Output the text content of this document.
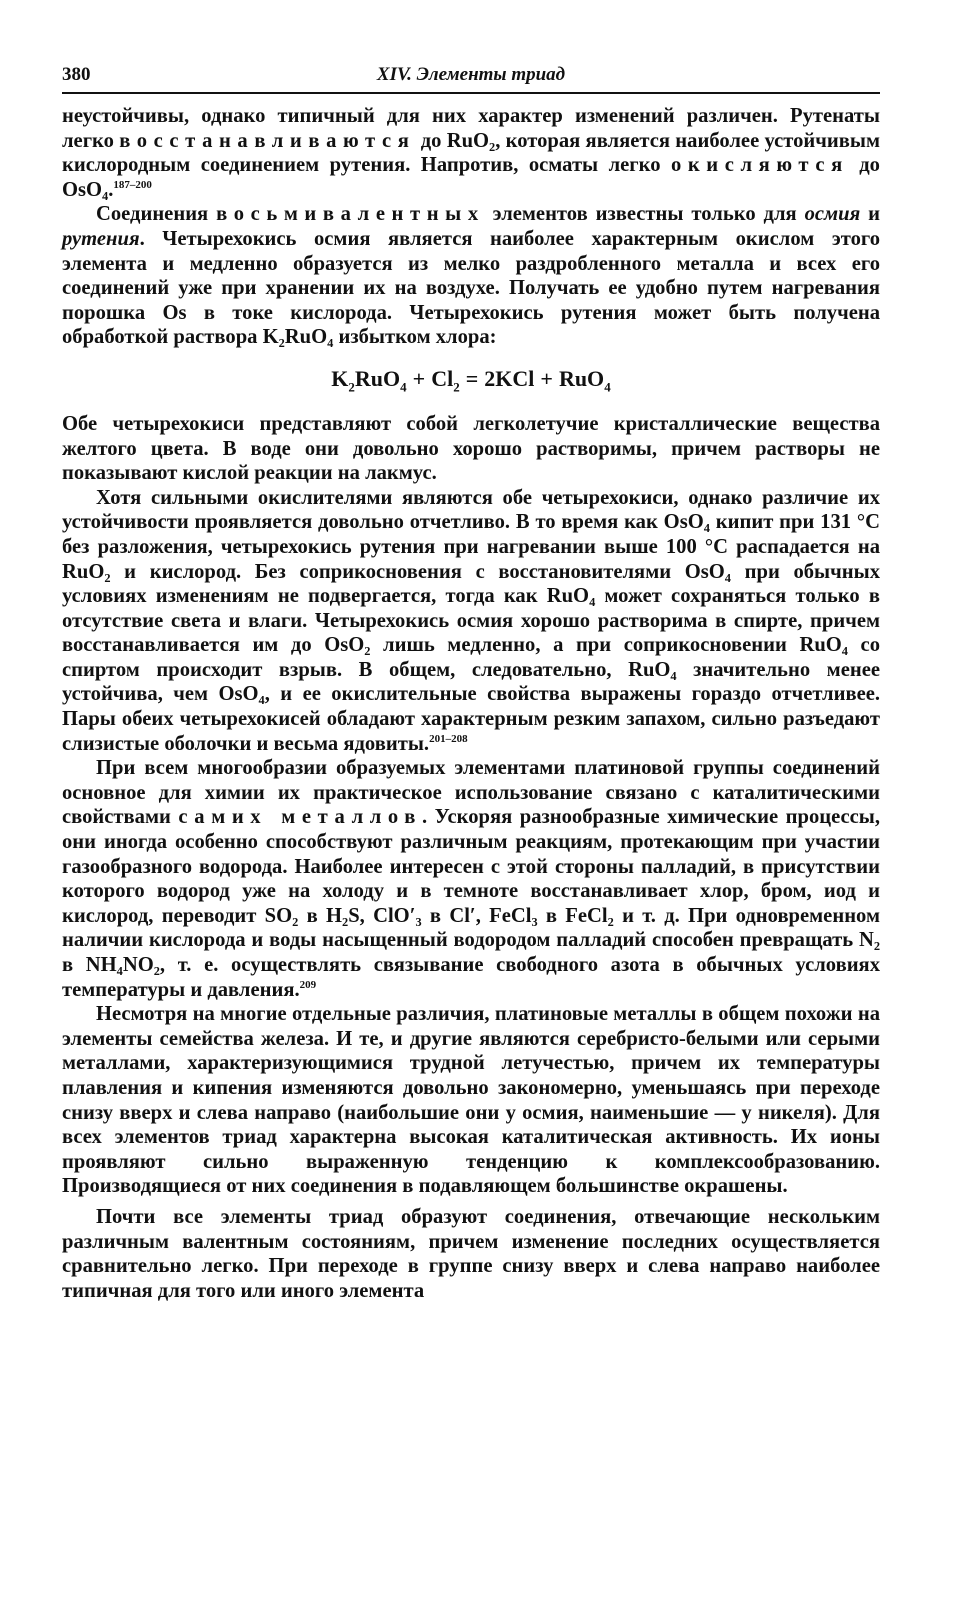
380	XIV. Элементы триад

неустойчивы, однако типичный для них характер изменений различен. Рутенаты легко восстанавливаются до RuO₂, которая является наиболее устойчивым кислородным соединением рутения. Напротив, осматы легко окисляются до OsO₄.$^{187-200}$

Соединения восьмивалентных элементов известны только для осмия и рутения. Четырехокись осмия является наиболее характерным окислом этого элемента и медленно образуется из мелко раздробленного металла и всех его соединений уже при хранении их на воздухе. Получать ее удобно путем нагревания порошка Os в токе кислорода. Четырехокись рутения может быть получена обработкой раствора K₂RuO₄ избытком хлора:

$K_2RuO_4 + Cl_2 = 2KCl + RuO_4$

Обе четырехокиси представляют собой легколетучие кристаллические вещества желтого цвета. В воде они довольно хорошо растворимы, причем растворы не показывают кислой реакции на лакмус.

Хотя сильными окислителями являются обе четырехокиси, однако различие их устойчивости проявляется довольно отчетливо. В то время как OsO₄ кипит при 131 °C без разложения, четырехокись рутения при нагревании выше 100 °C распадается на RuO₂ и кислород. Без соприкосновения с восстановителями OsO₄ при обычных условиях изменениям не подвергается, тогда как RuO₄ может сохраняться только в отсутствие света и влаги. Четырехокись осмия хорошо растворима в спирте, причем восстанавливается им до OsO₂ лишь медленно, а при соприкосновении RuO₄ со спиртом происходит взрыв. В общем, следовательно, RuO₄ значительно менее устойчива, чем OsO₄, и ее окислительные свойства выражены гораздо отчетливее. Пары обеих четырехокисей обладают характерным резким запахом, сильно разъедают слизистые оболочки и весьма ядовиты.$^{201-208}$

При всем многообразии образуемых элементами платиновой группы соединений основное для химии их практическое использование связано с каталитическими свойствами самих металлов. Ускоряя разнообразные химические процессы, они иногда особенно способствуют различным реакциям, протекающим при участии газообразного водорода. Наиболее интересен с этой стороны палладий, в присутствии которого водород уже на холоду и в темноте восстанавливает хлор, бром, иод и кислород, переводит SO₂ в H₂S, ClO′₃ в Cl′, FeCl₃ в FeCl₂ и т. д. При одновременном наличии кислорода и воды насыщенный водородом палладий способен превращать N₂ в NH₄NO₂, т. е. осуществлять связывание свободного азота в обычных условиях температуры и давления.$^{209}$

Несмотря на многие отдельные различия, платиновые металлы в общем похожи на элементы семейства железа. И те, и другие являются серебристо-белыми или серыми металлами, характеризующимися трудной летучестью, причем их температуры плавления и кипения изменяются довольно закономерно, уменьшаясь при переходе снизу вверх и слева направо (наибольшие они у осмия, наименьшие — у никеля). Для всех элементов триад характерна высокая каталитическая активность. Их ионы проявляют сильно выраженную тенденцию к комплексообразованию. Производящиеся от них соединения в подавляющем большинстве окрашены.

Почти все элементы триад образуют соединения, отвечающие нескольким различным валентным состояниям, причем изменение последних осуществляется сравнительно легко. При переходе в группе снизу вверх и слева направо наиболее типичная для того или иного элемента
